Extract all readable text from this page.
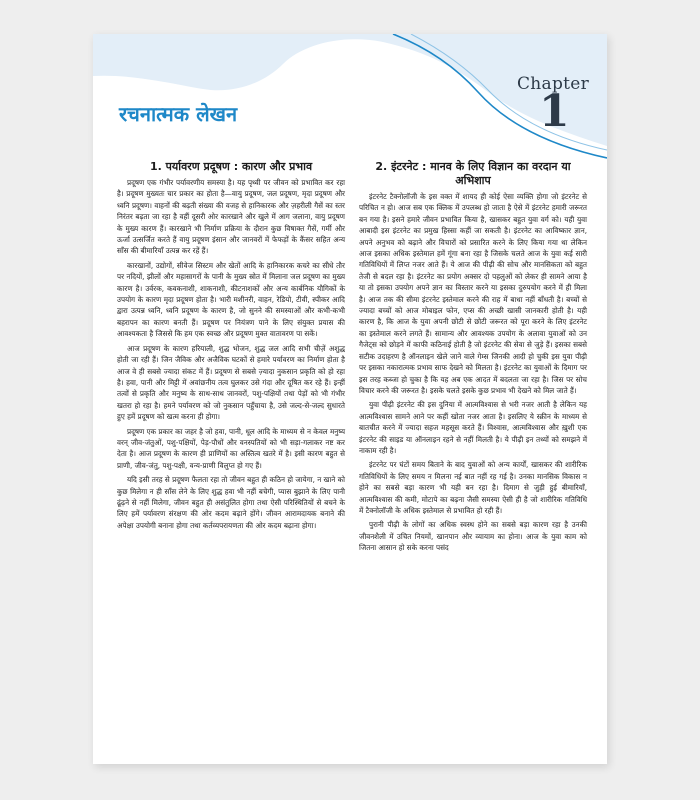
Chapter
1
रचनात्मक लेखन
1. पर्यावरण प्रदूषण : कारण और प्रभाव

प्रदूषण एक गंभीर पर्यावरणीय समस्या है। यह पृथ्वी पर जीवन को प्रभावित कर रहा है। प्रदूषण मुख्यतः चार प्रकार का होता है—वायु प्रदूषण, जल प्रदूषण, मृदा प्रदूषण और ध्वनि प्रदूषण। वाहनों की बढ़ती संख्या की वजह से हानिकारक और ज़हरीली गैसें का स्तर निरंतर बढ़ता जा रहा है वहीं दूसरी ओर कारखाने और खुले में आग जलाना, वायु प्रदूषण के मुख्य कारण हैं। कारखाने भी निर्माण प्रक्रिया के दौरान कुछ विषाक्त गैसें, गर्मी और ऊर्जा उत्सर्जित करते हैं वायु प्रदूषण इंसान और जानवरों में फेफड़ों के कैंसर सहित अन्य साँस की बीमारियाँ उत्पन्न कर रहें हैं।

कारखानों, उद्योगों, सीवेज सिस्टम और खेतों आदि के हानिकारक कचरे का सीधे तौर पर नदियों, झीलों और महासागरों के पानी के मुख्य स्रोत में मिलाना जल प्रदूषण का मुख्य कारण है। उर्वरक, कवकनाशी, शाकनाशी, कीटनाशकों और अन्य कार्बनिक यौगिकों के उपयोग के कारण मृदा प्रदूषण होता है। भारी मशीनरी, वाहन, रेडियो, टीवी, स्पीकर आदि द्वारा उत्पन्न ध्वनि, ध्वनि प्रदूषण के कारण है, जो सुनने की समस्याओं और कभी-कभी बहरापन का कारण बनती हैं। प्रदूषण पर नियंत्रण पाने के लिए संयुक्त प्रयास की आवश्यकता है जिससे कि हम एक स्वच्छ और प्रदूषण मुक्त वातावरण पा सकें।

आज प्रदूषण के कारण हरियाली, शुद्ध भोजन, शुद्ध जल आदि सभी चीज़ें अशुद्ध होती जा रही हैं। जिन जैविक और अजैविक घटकों से हमारे पर्यावरण का निर्माण होता है आज वे ही सबसे ज्यादा संकट में हैं। प्रदूषण से सबसे ज़्यादा नुकसान प्रकृति को हो रहा है। हवा, पानी और मिट्टी में अवांछनीय तत्व घुलकर उसे गंदा और दूषित कर रहे हैं। इन्हीं तत्वों से प्रकृति और मनुष्य के साथ-साथ जानवरों, पशु-पक्षियों तथा पेड़ों को भी गंभीर खतरा हो रहा है। हमने पर्यावरण को जो नुकसान पहुँचाया है, उसे जल्द-से-जल्द सुधारते हुए हमें प्रदूषण को खत्म करना ही होगा।

प्रदूषण एक प्रकार का जहर है जो हवा, पानी, धूल आदि के माध्यम से न केवल मनुष्य वरन् जीव-जंतुओं, पशु-पक्षियों, पेड़-पौधों और वनस्पतियों को भी सड़ा-गलाकर नष्ट कर देता है। आज प्रदूषण के कारण ही प्राणियों का अस्तित्व खतरे में है। इसी कारण बहुत से प्राणी, जीव-जंतु, पशु-पक्षी, वन्य-प्राणी विलुप्त हो गए हैं।

यदि इसी तरह से प्रदूषण फैलता रहा तो जीवन बहुत ही कठिन हो जायेगा, न खाने को कुछ मिलेगा न ही साँस लेने के लिए शुद्ध हवा भी नहीं बचेगी, प्यास बुझाने के लिए पानी ढूंढ़ने से नहीं मिलेगा, जीवन बहुत ही असंतुलित होगा तथा ऐसी परिस्थितियों से बचने के लिए हमें पर्यावरण संरक्षण की ओर कदम बढ़ाने होंगे। जीवन आरामदायक बनाने की अपेक्षा उपयोगी बनाना होगा तथा कर्तव्यपरायणता की ओर कदम बढ़ाना होगा।

2. इंटरनेट : मानव के लिए विज्ञान का वरदान या अभिशाप

इंटरनेट टैक्नोलॉजी के इस वक्त में शायद ही कोई ऐसा व्यक्ति होगा जो इंटरनेट से परिचित न हो। आज सब एक क्लिक में उपलब्ध हो जाता है ऐसे में इंटरनेट हमारी जरूरत बन गया है। इसने हमारे जीवन प्रभावित किया है, खासकर बहुत युवा वर्ग को। यही युवा आबादी इस इंटरनेट का प्रमुख हिस्सा कहीं जा सकती है। इंटरनेट का आविष्कार ज्ञान, अपने अनुभव को बढ़ाने और विचारों को प्रसारित करने के लिए किया गया था लेकिन आज इसका अधिक इस्तेमाल हमें गूंगा बना रहा है जिसके चलते आज के युवा कई सारी गतिविधियों में लिप्त नजर आते हैं। ये आज की पीढ़ी की सोच और मानसिकता को बहुत तेजी से बदल रहा है। इंटरनेट का प्रयोग अक्सर दो पहलुओं को लेकर ही सामने आया है या तो इसका उपयोग अपने ज्ञान का विस्तार करने या इसका दुरुपयोग करने में ही मिला है। आज तक की सीमा इंटरनेट इस्तेमाल करने की राह में बाधा नहीं बाँधती है। बच्चों से ज्यादा बच्चों को आज मोबाइल फोन, एप्स की अच्छी खासी जानकारी होती है। यही कारण है, कि आज के युवा अपनी छोटी से छोटी जरूरत को पूरा करने के लिए इंटरनेट का इस्तेमाल करने लगते हैं। सामान्य और आवश्यक उपयोग के अलावा युवाओं को उन गैजेट्स को छोड़ने में काफी कठिनाई होती है जो इंटरनेट की सेवा से जुड़े हैं। इसका सबसे सटीक उदाहरण है ऑनलाइन खेले जाने वाले गेम्स जिनकी आदी हो चुकी इस युवा पीढ़ी पर इसका नकारात्मक प्रभाव साफ देखने को मिलता है। इंटरनेट का युवाओं के दिमाग पर इस तरह कब्जा हो चुका है कि यह अब एक आदत में बदलता जा रहा है। जिस पर सोच विचार करने की जरूरत है। इसके चलते इसके कुछ प्रभाव भी देखने को मिल जाते हैं।

युवा पीढ़ी इंटरनेट की इस दुनिया में आत्मविश्वास से भरी नजर आती है लेकिन यह आत्मविश्वास सामने आने पर कहीं खोता नजर आता है। इसलिए ये स्क्रीन के माध्यम से बातचीत करने में ज्यादा सहज महसूस करते हैं। विश्वास, आत्मविश्वास और ख़ुशी एक इंटरनेट की साइड या ऑनलाइन रहने से नहीं मिलती है। ये पीढ़ी इन तथ्यों को समझने में नाकाम रही है।

इंटरनेट पर घंटों समय बिताने के बाद युवाओं को अन्य कार्यों, खासकर की शारीरिक गतिविधियों के लिए समय न मिलना नई बात नहीं रह गई है। उनका मानसिक विकास न होने का सबसे बड़ा कारण भी यही बन रहा है। दिमाग से जुड़ी हुई बीमारियाँ, आत्मविश्वास की कमी, मोटापे का बढ़ना जैसी समस्या ऐसी ही है जो शारीरिक गतिविधि में टैक्नोलॉजी के अधिक इस्तेमाल से प्रभावित हो रही हैं।

पुरानी पीढ़ी के लोगों का अधिक स्वस्थ होने का सबसे बड़ा कारण रहा है उनकी जीवनशैली में उचित नियमों, खानपान और व्यायाम का होना। आज के युवा काम को जितना आसान हो सके करना पसंद
